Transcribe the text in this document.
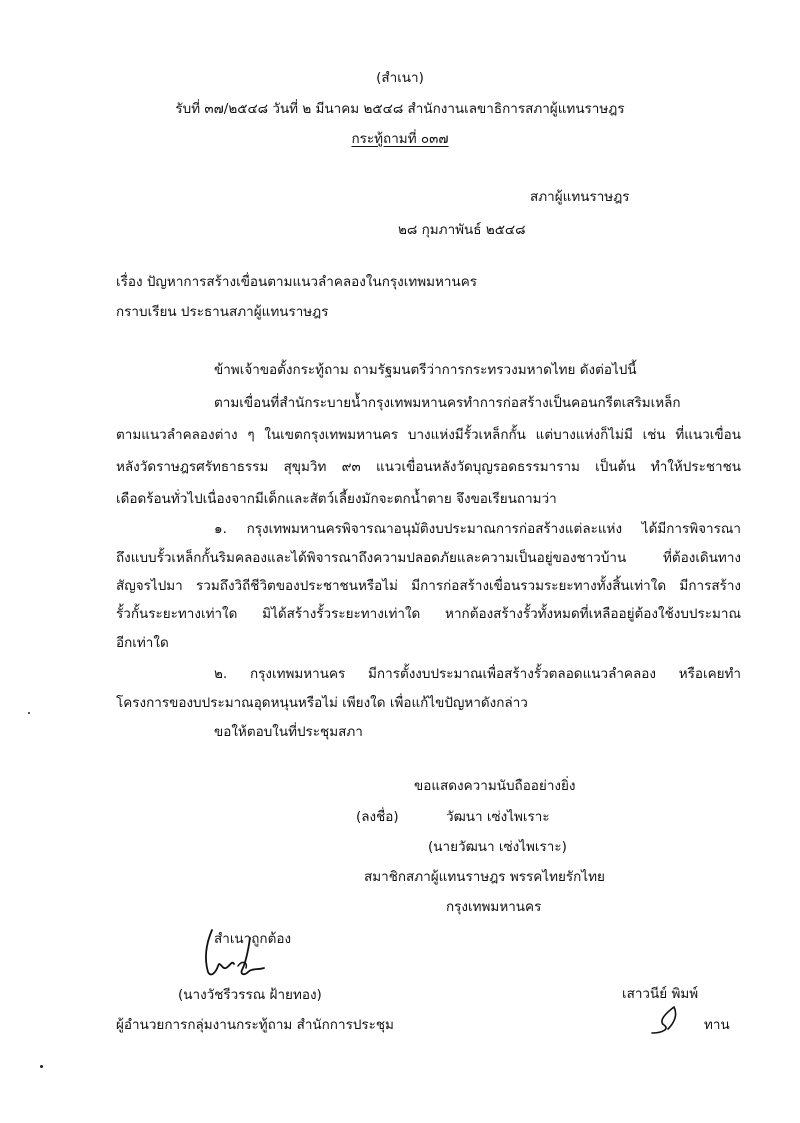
(สำเนา)
รับที่ ๓๗/๒๕๔๘ วันที่ ๒ มีนาคม ๒๕๔๘ สำนักงานเลขาธิการสภาผู้แทนราษฎร
กระทู้ถามที่ ๐๓๗
สภาผู้แทนราษฎร
๒๘ กุมภาพันธ์ ๒๕๔๘
เรื่อง ปัญหาการสร้างเขื่อนตามแนวลำคลองในกรุงเทพมหานคร
กราบเรียน ประธานสภาผู้แทนราษฎร
ข้าพเจ้าขอตั้งกระทู้ถาม ถามรัฐมนตรีว่าการกระทรวงมหาดไทย ดังต่อไปนี้
ตามเขื่อนที่สำนักระบายน้ำกรุงเทพมหานครทำการก่อสร้างเป็นคอนกรีตเสริมเหล็ก
ตามแนวลำคลองต่าง ๆ ในเขตกรุงเทพมหานคร บางแห่งมีรั้วเหล็กกั้น แต่บางแห่งก็ไม่มี เช่น ที่แนวเขื่อน
หลังวัดราษฎรศรัทธาธรรม สุขุมวิท ๙๓ แนวเขื่อนหลังวัดบุญรอดธรรมาราม เป็นต้น ทำให้ประชาชน
เดือดร้อนทั่วไปเนื่องจากมีเด็กและสัตว์เลี้ยงมักจะตกน้ำตาย จึงขอเรียนถามว่า
๑. กรุงเทพมหานครพิจารณาอนุมัติงบประมาณการก่อสร้างแต่ละแห่ง ได้มีการพิจารณา
ถึงแบบรั้วเหล็กกั้นริมคลองและได้พิจารณาถึงความปลอดภัยและความเป็นอยู่ของชาวบ้าน ที่ต้องเดินทาง
สัญจรไปมา รวมถึงวิถีชีวิตของประชาชนหรือไม่ มีการก่อสร้างเขื่อนรวมระยะทางทั้งสิ้นเท่าใด มีการสร้าง
รั้วกั้นระยะทางเท่าใด มิได้สร้างรั้วระยะทางเท่าใด หากต้องสร้างรั้วทั้งหมดที่เหลืออยู่ต้องใช้งบประมาณ
อีกเท่าใด
๒. กรุงเทพมหานคร มีการตั้งงบประมาณเพื่อสร้างรั้วตลอดแนวลำคลอง หรือเคยทำ
โครงการของบประมาณอุดหนุนหรือไม่ เพียงใด เพื่อแก้ไขปัญหาดังกล่าว
ขอให้ตอบในที่ประชุมสภา
ขอแสดงความนับถืออย่างยิ่ง
(ลงชื่อ)	วัฒนา เซ่งไพเราะ
(นายวัฒนา เซ่งไพเราะ)
สมาชิกสภาผู้แทนราษฎร พรรคไทยรักไทย
กรุงเทพมหานคร
สำเนาถูกต้อง
(นางวัชรีวรรณ ฝ้ายทอง)
ผู้อำนวยการกลุ่มงานกระทู้ถาม สำนักการประชุม
เสาวนีย์ พิมพ์
ทาน
